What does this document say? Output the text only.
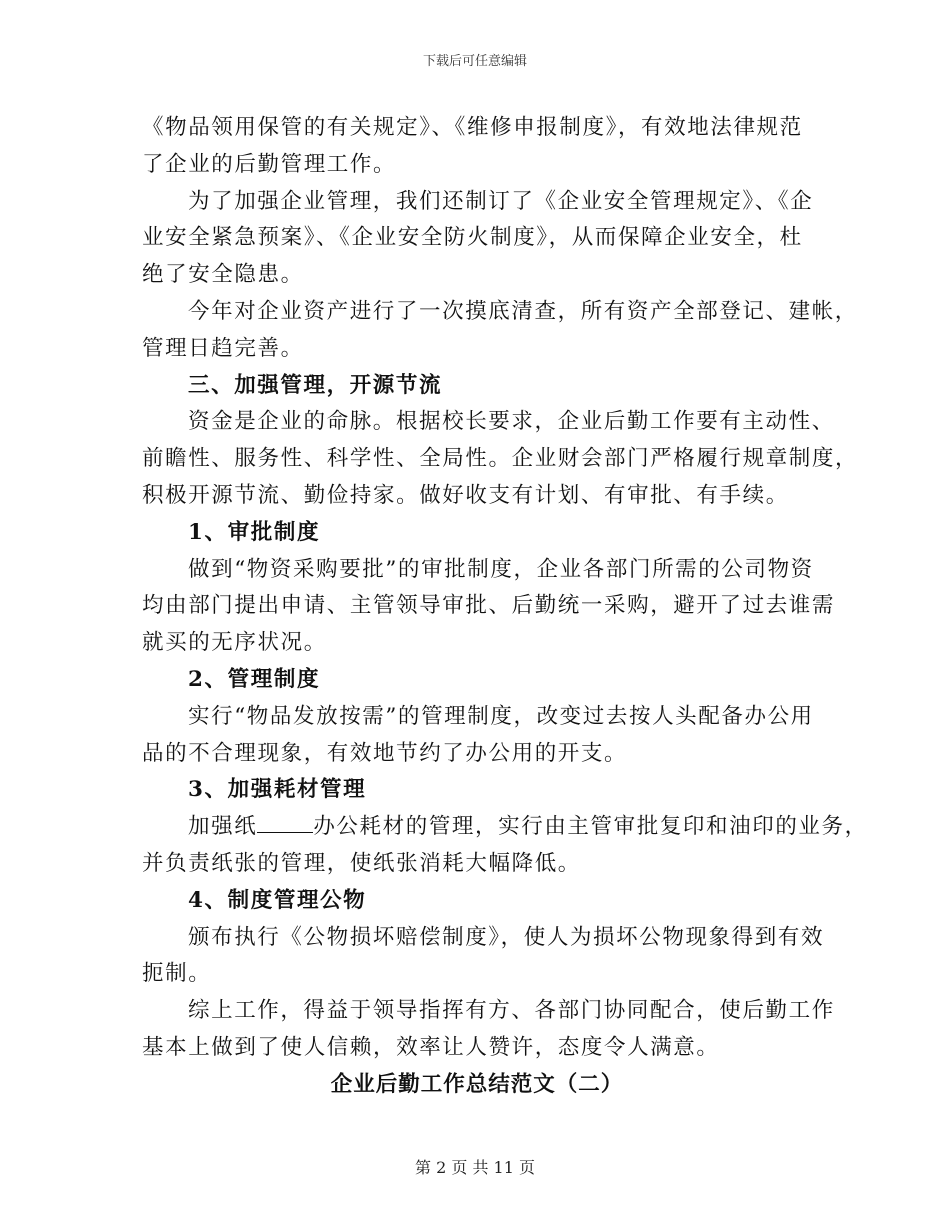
下载后可任意编辑
《物品领用保管的有关规定》、《维修申报制度》，有效地法律规范
了企业的后勤管理工作。
为了加强企业管理，我们还制订了《企业安全管理规定》、《企
业安全紧急预案》、《企业安全防火制度》，从而保障企业安全，杜
绝了安全隐患。
今年对企业资产进行了一次摸底清查，所有资产全部登记、建帐，
管理日趋完善。
三、加强管理，开源节流
资金是企业的命脉。根据校长要求，企业后勤工作要有主动性、
前瞻性、服务性、科学性、全局性。企业财会部门严格履行规章制度，
积极开源节流、勤俭持家。做好收支有计划、有审批、有手续。
1、审批制度
做到“物资采购要批”的审批制度，企业各部门所需的公司物资
均由部门提出申请、主管领导审批、后勤统一采购，避开了过去谁需
就买的无序状况。
2、管理制度
实行“物品发放按需”的管理制度，改变过去按人头配备办公用
品的不合理现象，有效地节约了办公用的开支。
3、加强耗材管理
加强纸	办公耗材的管理，实行由主管审批复印和油印的业务，
并负责纸张的管理，使纸张消耗大幅降低。
4、制度管理公物
颁布执行《公物损坏赔偿制度》，使人为损坏公物现象得到有效
扼制。
综上工作，得益于领导指挥有方、各部门协同配合，使后勤工作
基本上做到了使人信赖，效率让人赞许，态度令人满意。
企业后勤工作总结范文（二）
第 2 页 共 11 页
